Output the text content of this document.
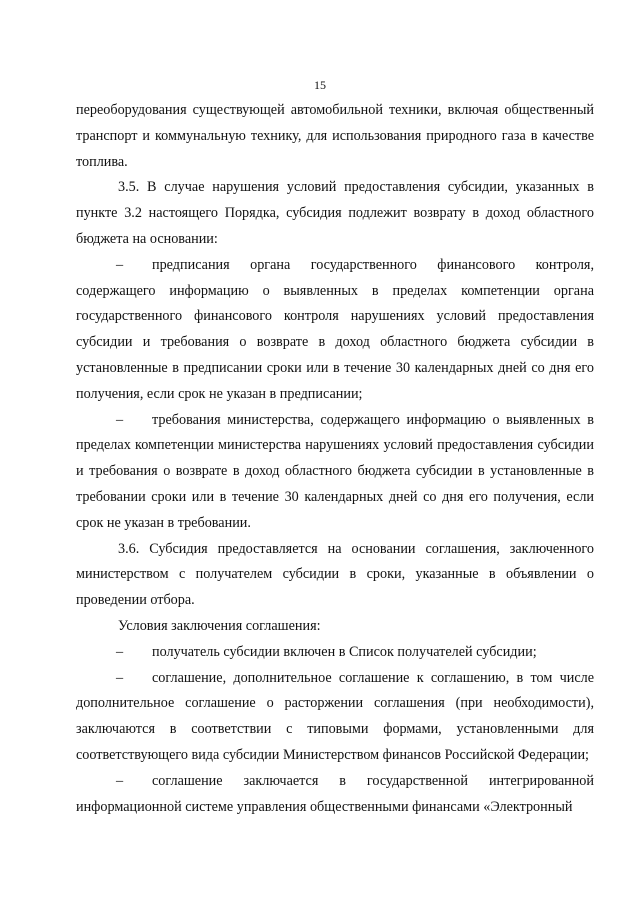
15

переоборудования существующей автомобильной техники, включая общественный транспорт и коммунальную технику, для использования природного газа в качестве топлива.

3.5. В случае нарушения условий предоставления субсидии, указанных в пункте 3.2 настоящего Порядка, субсидия подлежит возврату в доход областного бюджета на основании:

– предписания органа государственного финансового контроля, содержащего информацию о выявленных в пределах компетенции органа государственного финансового контроля нарушениях условий предоставления субсидии и требования о возврате в доход областного бюджета субсидии в установленные в предписании сроки или в течение 30 календарных дней со дня его получения, если срок не указан в предписании;

– требования министерства, содержащего информацию о выявленных в пределах компетенции министерства нарушениях условий предоставления субсидии и требования о возврате в доход областного бюджета субсидии в установленные в требовании сроки или в течение 30 календарных дней со дня его получения, если срок не указан в требовании.

3.6. Субсидия предоставляется на основании соглашения, заключенного министерством с получателем субсидии в сроки, указанные в объявлении о проведении отбора.

Условия заключения соглашения:

– получатель субсидии включен в Список получателей субсидии;

– соглашение, дополнительное соглашение к соглашению, в том числе дополнительное соглашение о расторжении соглашения (при необходимости), заключаются в соответствии с типовыми формами, установленными для соответствующего вида субсидии Министерством финансов Российской Федерации;

– соглашение заключается в государственной интегрированной информационной системе управления общественными финансами «Электронный
